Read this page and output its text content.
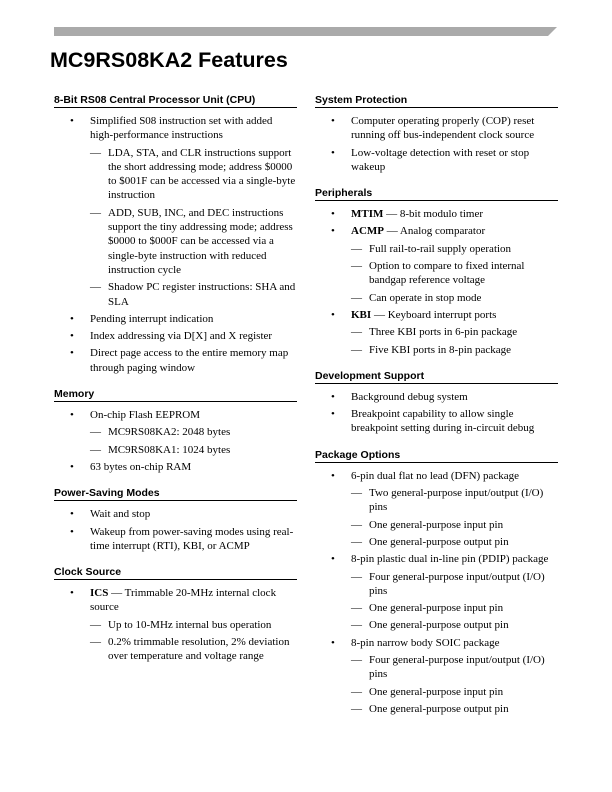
MC9RS08KA2 Features
8-Bit RS08 Central Processor Unit (CPU)
• Simplified S08 instruction set with added high-performance instructions
— LDA, STA, and CLR instructions support the short addressing mode; address $0000 to $001F can be accessed via a single-byte instruction
— ADD, SUB, INC, and DEC instructions support the tiny addressing mode; address $0000 to $000F can be accessed via a single-byte instruction with reduced instruction cycle
— Shadow PC register instructions: SHA and SLA
• Pending interrupt indication
• Index addressing via D[X] and X register
• Direct page access to the entire memory map through paging window
Memory
• On-chip Flash EEPROM
— MC9RS08KA2: 2048 bytes
— MC9RS08KA1: 1024 bytes
• 63 bytes on-chip RAM
Power-Saving Modes
• Wait and stop
• Wakeup from power-saving modes using real-time interrupt (RTI), KBI, or ACMP
Clock Source
• ICS — Trimmable 20-MHz internal clock source
— Up to 10-MHz internal bus operation
— 0.2% trimmable resolution, 2% deviation over temperature and voltage range
System Protection
• Computer operating properly (COP) reset running off bus-independent clock source
• Low-voltage detection with reset or stop wakeup
Peripherals
• MTIM — 8-bit modulo timer
• ACMP — Analog comparator
— Full rail-to-rail supply operation
— Option to compare to fixed internal bandgap reference voltage
— Can operate in stop mode
• KBI — Keyboard interrupt ports
— Three KBI ports in 6-pin package
— Five KBI ports in 8-pin package
Development Support
• Background debug system
• Breakpoint capability to allow single breakpoint setting during in-circuit debug
Package Options
• 6-pin dual flat no lead (DFN) package
— Two general-purpose input/output (I/O) pins
— One general-purpose input pin
— One general-purpose output pin
• 8-pin plastic dual in-line pin (PDIP) package
— Four general-purpose input/output (I/O) pins
— One general-purpose input pin
— One general-purpose output pin
• 8-pin narrow body SOIC package
— Four general-purpose input/output (I/O) pins
— One general-purpose input pin
— One general-purpose output pin
